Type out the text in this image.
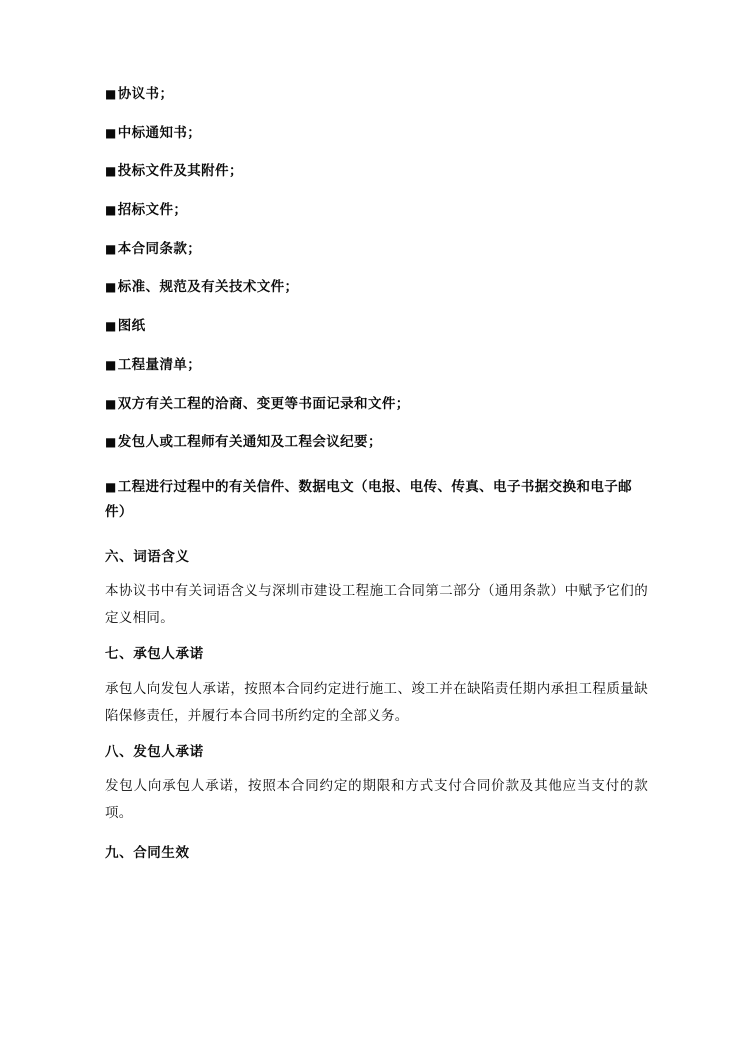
■协议书；

■中标通知书；

■投标文件及其附件；

■招标文件；

■本合同条款；

■标准、规范及有关技术文件；

■图纸

■工程量清单；

■双方有关工程的洽商、变更等书面记录和文件；

■发包人或工程师有关通知及工程会议纪要；

■工程进行过程中的有关信件、数据电文（电报、电传、传真、电子书据交换和电子邮件）

六、词语含义

本协议书中有关词语含义与深圳市建设工程施工合同第二部分（通用条款）中赋予它们的定义相同。

七、承包人承诺

承包人向发包人承诺，按照本合同约定进行施工、竣工并在缺陷责任期内承担工程质量缺陷保修责任，并履行本合同书所约定的全部义务。

八、发包人承诺

发包人向承包人承诺，按照本合同约定的期限和方式支付合同价款及其他应当支付的款项。

九、合同生效
